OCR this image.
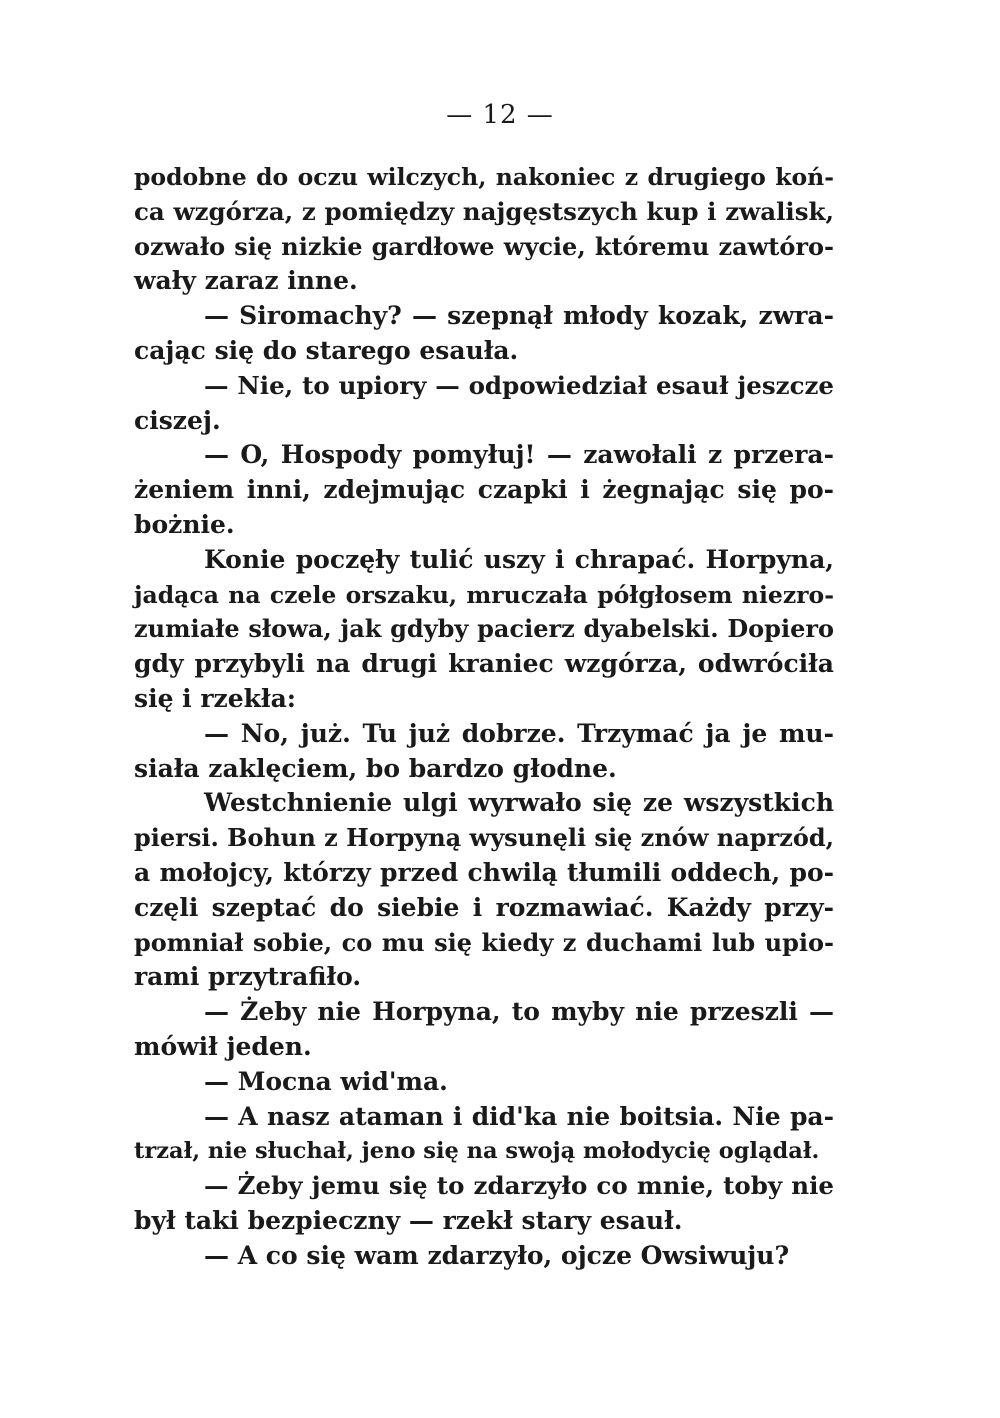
— 12 —
podobne do oczu wilczych, nakoniec z drugiego koń-
ca wzgórza, z pomiędzy najgęstszych kup i zwalisk,
ozwało się nizkie gardłowe wycie, któremu zawtóro-
wały zaraz inne.
— Siromachy? — szepnął młody kozak, zwra-
cając się do starego esauła.
— Nie, to upiory — odpowiedział esauł jeszcze
ciszej.
— O, Hospody pomyłuj! — zawołali z przera-
żeniem inni, zdejmując czapki i żegnając się po-
bożnie.
Konie poczęły tulić uszy i chrapać. Horpyna,
jadąca na czele orszaku, mruczała półgłosem niezro-
zumiałe słowa, jak gdyby pacierz dyabelski. Dopiero
gdy przybyli na drugi kraniec wzgórza, odwróciła
się i rzekła:
— No, już. Tu już dobrze. Trzymać ja je mu-
siała zaklęciem, bo bardzo głodne.
Westchnienie ulgi wyrwało się ze wszystkich
piersi. Bohun z Horpyną wysunęli się znów naprzód,
a mołojcy, którzy przed chwilą tłumili oddech, po-
częli szeptać do siebie i rozmawiać. Każdy przy-
pomniał sobie, co mu się kiedy z duchami lub upio-
rami przytrafiło.
— Żeby nie Horpyna, to myby nie przeszli —
mówił jeden.
— Mocna wid'ma.
— A nasz ataman i did'ka nie boitsia. Nie pa-
trzał, nie słuchał, jeno się na swoją mołodycię oglądał.
— Żeby jemu się to zdarzyło co mnie, toby nie
był taki bezpieczny — rzekł stary esauł.
— A co się wam zdarzyło, ojcze Owsiwuju?
